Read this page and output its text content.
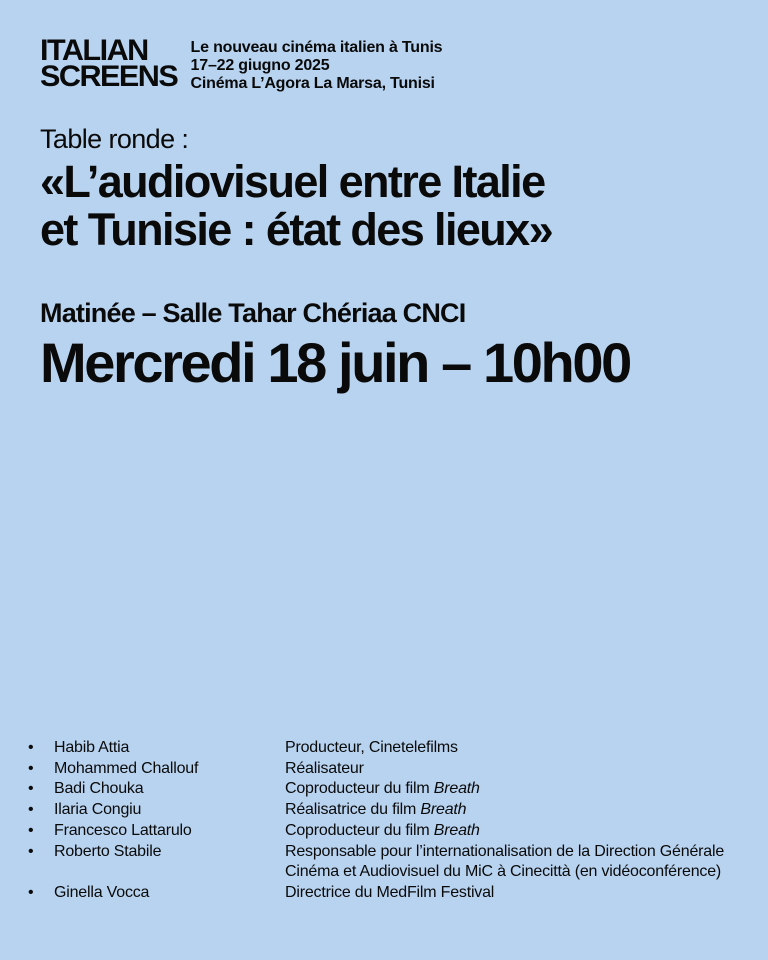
ITALIAN
SCREENS
Le nouveau cinéma italien à Tunis
17–22 giugno 2025
Cinéma L’Agora La Marsa, Tunisi
Table ronde :
«L’audiovisuel entre Italie
et Tunisie : état des lieux»
Matinée – Salle Tahar Chériaa CNCI
Mercredi 18 juin – 10h00
•	Habib Attia	Producteur, Cinetelefilms
•	Mohammed Challouf	Réalisateur
•	Badi Chouka	Coproducteur du film Breath
•	Ilaria Congiu	Réalisatrice du film Breath
•	Francesco Lattarulo	Coproducteur du film Breath
•	Roberto Stabile	Responsable pour l’internationalisation de la Direction Générale Cinéma et Audiovisuel du MiC à Cinecittà (en vidéoconférence)
•	Ginella Vocca	Directrice du MedFilm Festival
